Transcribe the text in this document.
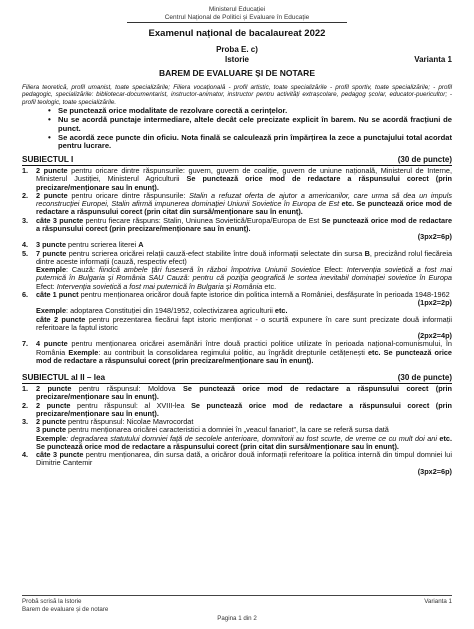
Ministerul Educației
Centrul Național de Politici și Evaluare în Educație
Examenul național de bacalaureat 2022
Proba E. c)
Istorie	Varianta 1
BAREM DE EVALUARE ȘI DE NOTARE
Filiera teoretică, profil umanist, toate specializările; Filiera vocațională - profil artistic, toate specializările - profil sportiv, toate specializările; - profil pedagogic, specializările: bibliotecar-documentarist, instructor-animator, instructor pentru activități extrașcolare, pedagog școlar, educator-puericultor; - profil teologic, toate specializările.
• Se punctează orice modalitate de rezolvare corectă a cerințelor.
• Nu se acordă punctaje intermediare, altele decât cele precizate explicit în barem. Nu se acordă fracțiuni de punct.
• Se acordă zece puncte din oficiu. Nota finală se calculează prin împărțirea la zece a punctajului total acordat pentru lucrare.
SUBIECTUL I	(30 de puncte)
1.	2 puncte pentru oricare dintre răspunsurile: guvern, guvern de coaliție, guvern de uniune națională, Ministerul de Interne, Ministerul Justiției, Ministerul Agriculturii Se punctează orice mod de redactare a răspunsului corect (prin precizare/menționare sau în enunț).
2.	2 puncte pentru oricare dintre răspunsurile: Stalin a refuzat oferta de ajutor a americanilor, care urma să dea un impuls reconstrucției Europei, Stalin afirmă impunerea dominației Uniunii Sovietice în Europa de Est etc. Se punctează orice mod de redactare a răspunsului corect (prin citat din sursă/menționare sau în enunț).
3.	câte 3 puncte pentru fiecare răspuns: Stalin, Uniunea Sovietică/Europa/Europa de Est Se punctează orice mod de redactare a răspunsului corect (prin precizare/menționare sau în enunț).
(3px2=6p)
4.	3 puncte pentru scrierea literei A
5.	7 puncte pentru scrierea oricărei relații cauză-efect stabilite între două informații selectate din sursa B, precizând rolul fiecăreia dintre aceste informații (cauză, respectiv efect)
Exemple: Cauză: fiindcă ambele țări fuseseră în război împotriva Uniunii Sovietice Efect: Intervenția sovietică a fost mai puternică în Bulgaria și România SAU Cauză: pentru că poziția geografică le sortea inevitabil dominației sovietice în Europa Efect: Intervenția sovietică a fost mai puternică în Bulgaria și România etc.
6.	câte 1 punct pentru menționarea oricăror două fapte istorice din politica internă a României, desfășurate în perioada 1948-1962
(1px2=2p)
Exemple: adoptarea Constituției din 1948/1952, colectivizarea agriculturii etc.
câte 2 puncte pentru prezentarea fiecărui fapt istoric menționat - o scurtă expunere în care sunt precizate două informații referitoare la faptul istoric
(2px2=4p)
7.	4 puncte pentru menționarea oricărei asemănări între două practici politice utilizate în perioada național-comunismului, în România Exemple: au contribuit la consolidarea regimului politic, au îngrădit drepturile cetățenești etc. Se punctează orice mod de redactare a răspunsului corect (prin precizare/menționare sau în enunț).
SUBIECTUL al II – lea	(30 de puncte)
1.	2 puncte pentru răspunsul: Moldova Se punctează orice mod de redactare a răspunsului corect (prin precizare/menționare sau în enunț).
2.	2 puncte pentru răspunsul: al XVIII-lea Se punctează orice mod de redactare a răspunsului corect (prin precizare/menționare sau în enunț).
3.	2 puncte pentru răspunsul: Nicolae Mavrocordat
3 puncte pentru menționarea oricărei caracteristici a domniei în „veacul fanariot”, la care se referă sursa dată
Exemple: degradarea statutului domniei față de secolele anterioare, domnitorii au fost scurte, de vreme ce cu mult doi ani etc. Se punctează orice mod de redactare a răspunsului corect (prin citat din sursă/menționare sau în enunț).
4.	câte 3 puncte pentru menționarea, din sursa dată, a oricăror două informații referitoare la politica internă din timpul domniei lui Dimitrie Cantemir
(3px2=6p)
Probă scrisă la Istorie	Varianta 1
Barem de evaluare și de notare
Pagina 1 din 2
